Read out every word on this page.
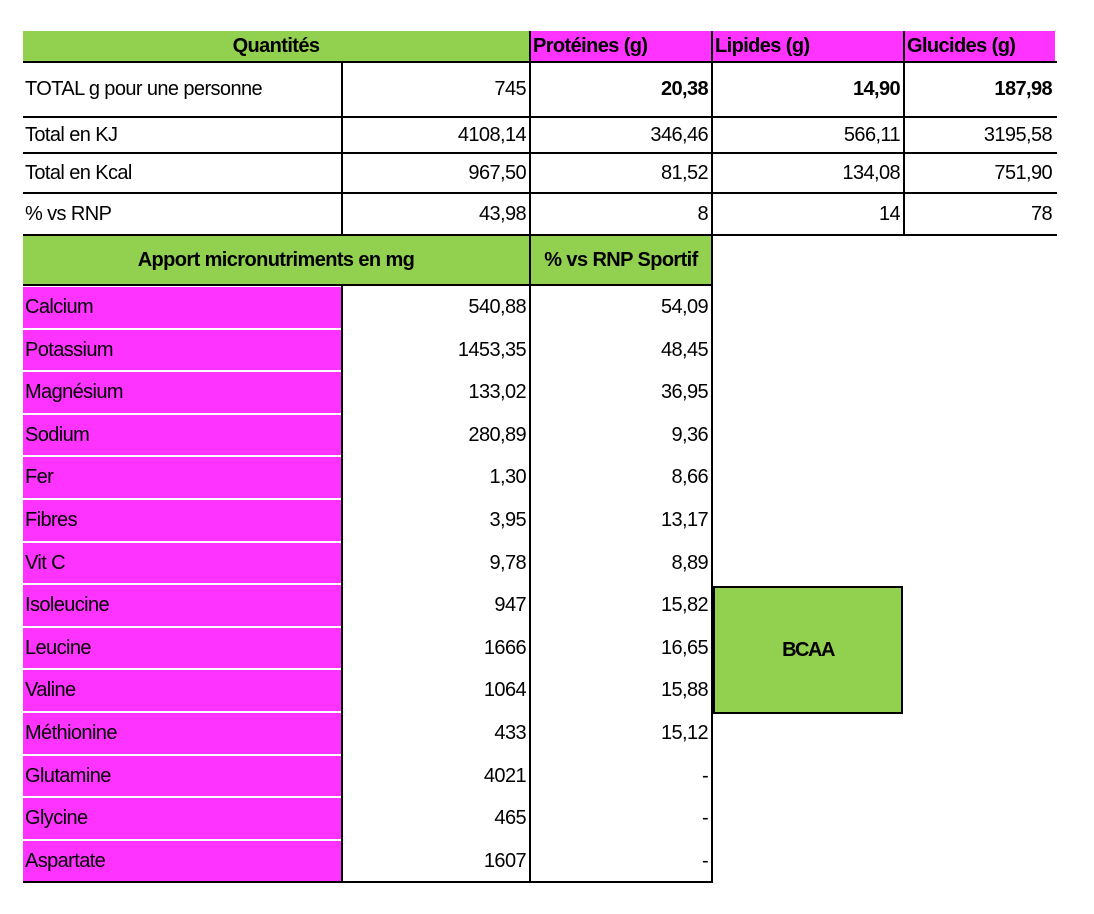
Quantités	Protéines (g)	Lipides (g)	Glucides (g)
TOTAL g pour une personne	745	20,38	14,90	187,98
Total en KJ	4108,14	346,46	566,11	3195,58
Total en Kcal	967,50	81,52	134,08	751,90
% vs RNP	43,98	8	14	78
Apport micronutriments en mg	% vs RNP Sportif
Calcium	540,88	54,09
Potassium	1453,35	48,45
Magnésium	133,02	36,95
Sodium	280,89	9,36
Fer	1,30	8,66
Fibres	3,95	13,17
Vit C	9,78	8,89
Isoleucine	947	15,82
Leucine	1666	16,65
Valine	1064	15,88
Méthionine	433	15,12
Glutamine	4021	-
Glycine	465	-
Aspartate	1607	-
BCAA
